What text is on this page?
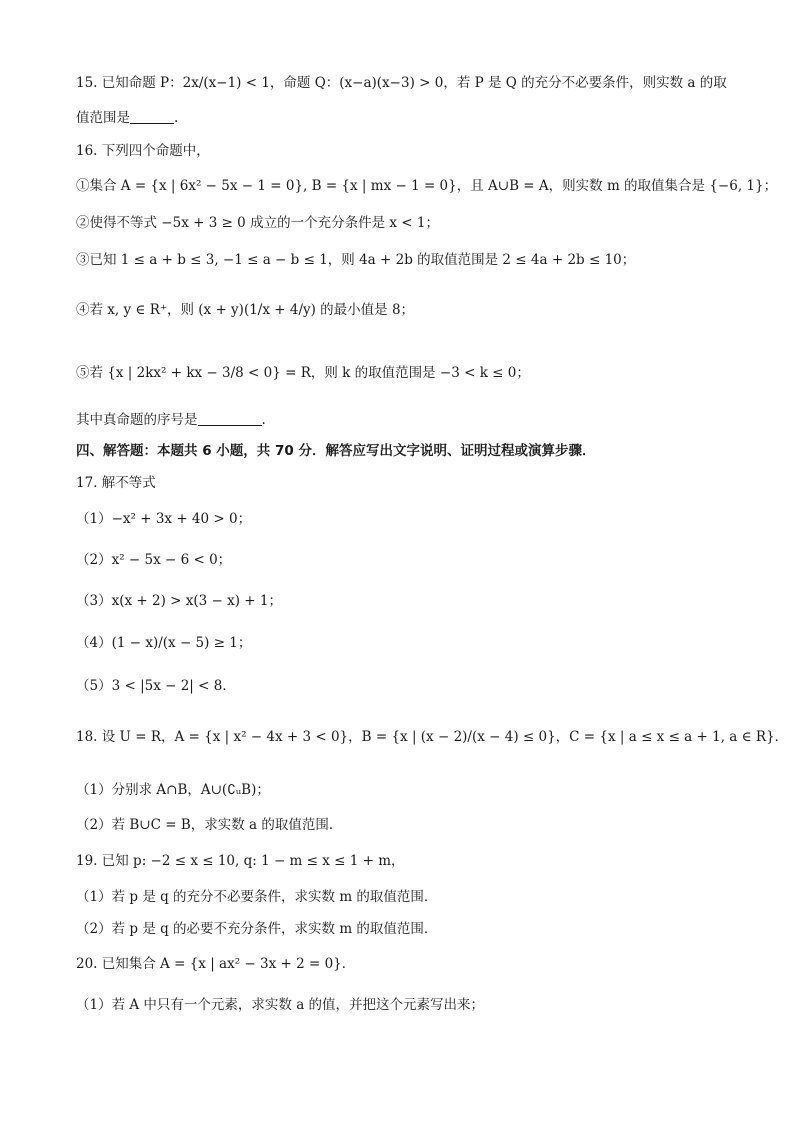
15. 已知命题 P：2x/(x−1) < 1，命题 Q：(x−a)(x−3) > 0，若 P 是 Q 的充分不必要条件，则实数 a 的取
值范围是	.
16. 下列四个命题中，
①集合 A = {x | 6x² − 5x − 1 = 0}, B = {x | mx − 1 = 0}，且 A∪B = A，则实数 m 的取值集合是 {−6, 1}；
②使得不等式 −5x + 3 ≥ 0 成立的一个充分条件是 x < 1；
③已知 1 ≤ a + b ≤ 3, −1 ≤ a − b ≤ 1，则 4a + 2b 的取值范围是 2 ≤ 4a + 2b ≤ 10；
④若 x, y ∈ R⁺，则 (x + y)(1/x + 4/y) 的最小值是 8；
⑤若 {x | 2kx² + kx − 3/8 < 0} = R，则 k 的取值范围是 −3 < k ≤ 0；
其中真命题的序号是	.
四、解答题：本题共 6 小题，共 70 分．解答应写出文字说明、证明过程或演算步骤．
17. 解不等式
（1）−x² + 3x + 40 > 0；
（2）x² − 5x − 6 < 0；
（3）x(x + 2) > x(3 − x) + 1；
（4）(1 − x)/(x − 5) ≥ 1；
（5）3 < |5x − 2| < 8．
18. 设 U = R，A = {x | x² − 4x + 3 < 0}，B = {x | (x − 2)/(x − 4) ≤ 0}，C = {x | a ≤ x ≤ a + 1, a ∈ R}．
（1）分别求 A∩B，A∪(∁ᵤB)；
（2）若 B∪C = B，求实数 a 的取值范围．
19. 已知 p: −2 ≤ x ≤ 10, q: 1 − m ≤ x ≤ 1 + m，
（1）若 p 是 q 的充分不必要条件，求实数 m 的取值范围．
（2）若 p 是 q 的必要不充分条件，求实数 m 的取值范围．
20. 已知集合 A = {x | ax² − 3x + 2 = 0}．
（1）若 A 中只有一个元素，求实数 a 的值，并把这个元素写出来；
